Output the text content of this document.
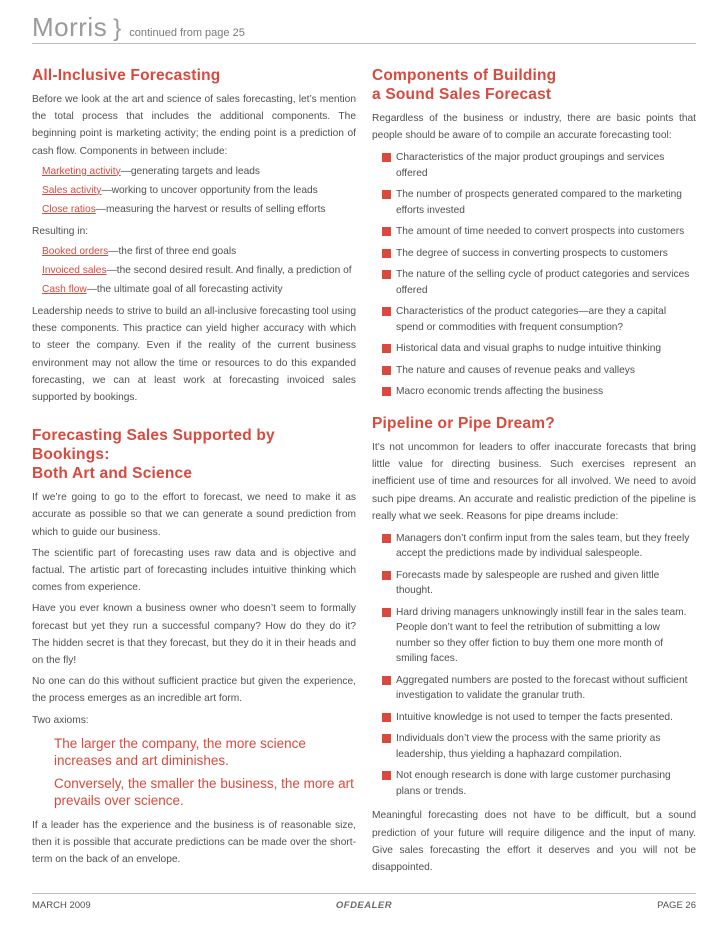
Morris } continued from page 25
All-Inclusive Forecasting

Before we look at the art and science of sales forecasting, let’s mention the total process that includes the additional components. The beginning point is marketing activity; the ending point is a prediction of cash flow. Components in between include:

Marketing activity—generating targets and leads
Sales activity—working to uncover opportunity from the leads
Close ratios—measuring the harvest or results of selling efforts

Resulting in:

Booked orders—the first of three end goals
Invoiced sales—the second desired result. And finally, a prediction of
Cash flow—the ultimate goal of all forecasting activity

Leadership needs to strive to build an all-inclusive forecasting tool using these components. This practice can yield higher accuracy with which to steer the company. Even if the reality of the current business environment may not allow the time or resources to do this expanded forecasting, we can at least work at forecasting invoiced sales supported by bookings.

Forecasting Sales Supported by Bookings:
Both Art and Science

If we’re going to go to the effort to forecast, we need to make it as accurate as possible so that we can generate a sound prediction from which to guide our business.

The scientific part of forecasting uses raw data and is objective and factual. The artistic part of forecasting includes intuitive thinking which comes from experience.

Have you ever known a business owner who doesn’t seem to formally forecast but yet they run a successful company? How do they do it? The hidden secret is that they forecast, but they do it in their heads and on the fly!

No one can do this without sufficient practice but given the experience, the process emerges as an incredible art form.

Two axioms:

The larger the company, the more science increases and art diminishes.
Conversely, the smaller the business, the more art prevails over science.

If a leader has the experience and the business is of reasonable size, then it is possible that accurate predictions can be made over the short-term on the back of an envelope.

Components of Building
a Sound Sales Forecast

Regardless of the business or industry, there are basic points that people should be aware of to compile an accurate forecasting tool:

Characteristics of the major product groupings and services offered
The number of prospects generated compared to the marketing efforts invested
The amount of time needed to convert prospects into customers
The degree of success in converting prospects to customers
The nature of the selling cycle of product categories and services offered
Characteristics of the product categories—are they a capital spend or commodities with frequent consumption?
Historical data and visual graphs to nudge intuitive thinking
The nature and causes of revenue peaks and valleys
Macro economic trends affecting the business
Pipeline or Pipe Dream?

It’s not uncommon for leaders to offer inaccurate forecasts that bring little value for directing business. Such exercises represent an inefficient use of time and resources for all involved. We need to avoid such pipe dreams. An accurate and realistic prediction of the pipeline is really what we seek. Reasons for pipe dreams include:

Managers don’t confirm input from the sales team, but they freely accept the predictions made by individual salespeople.
Forecasts made by salespeople are rushed and given little thought.
Hard driving managers unknowingly instill fear in the sales team. People don’t want to feel the retribution of submitting a low number so they offer fiction to buy them one more month of smiling faces.
Aggregated numbers are posted to the forecast without sufficient investigation to validate the granular truth.
Intuitive knowledge is not used to temper the facts presented.
Individuals don’t view the process with the same priority as leadership, thus yielding a haphazard compilation.
Not enough research is done with large customer purchasing plans or trends.

Meaningful forecasting does not have to be difficult, but a sound prediction of your future will require diligence and the input of many. Give sales forecasting the effort it deserves and you will not be disappointed.

MARCH 2009	OFDEALER	PAGE 26
